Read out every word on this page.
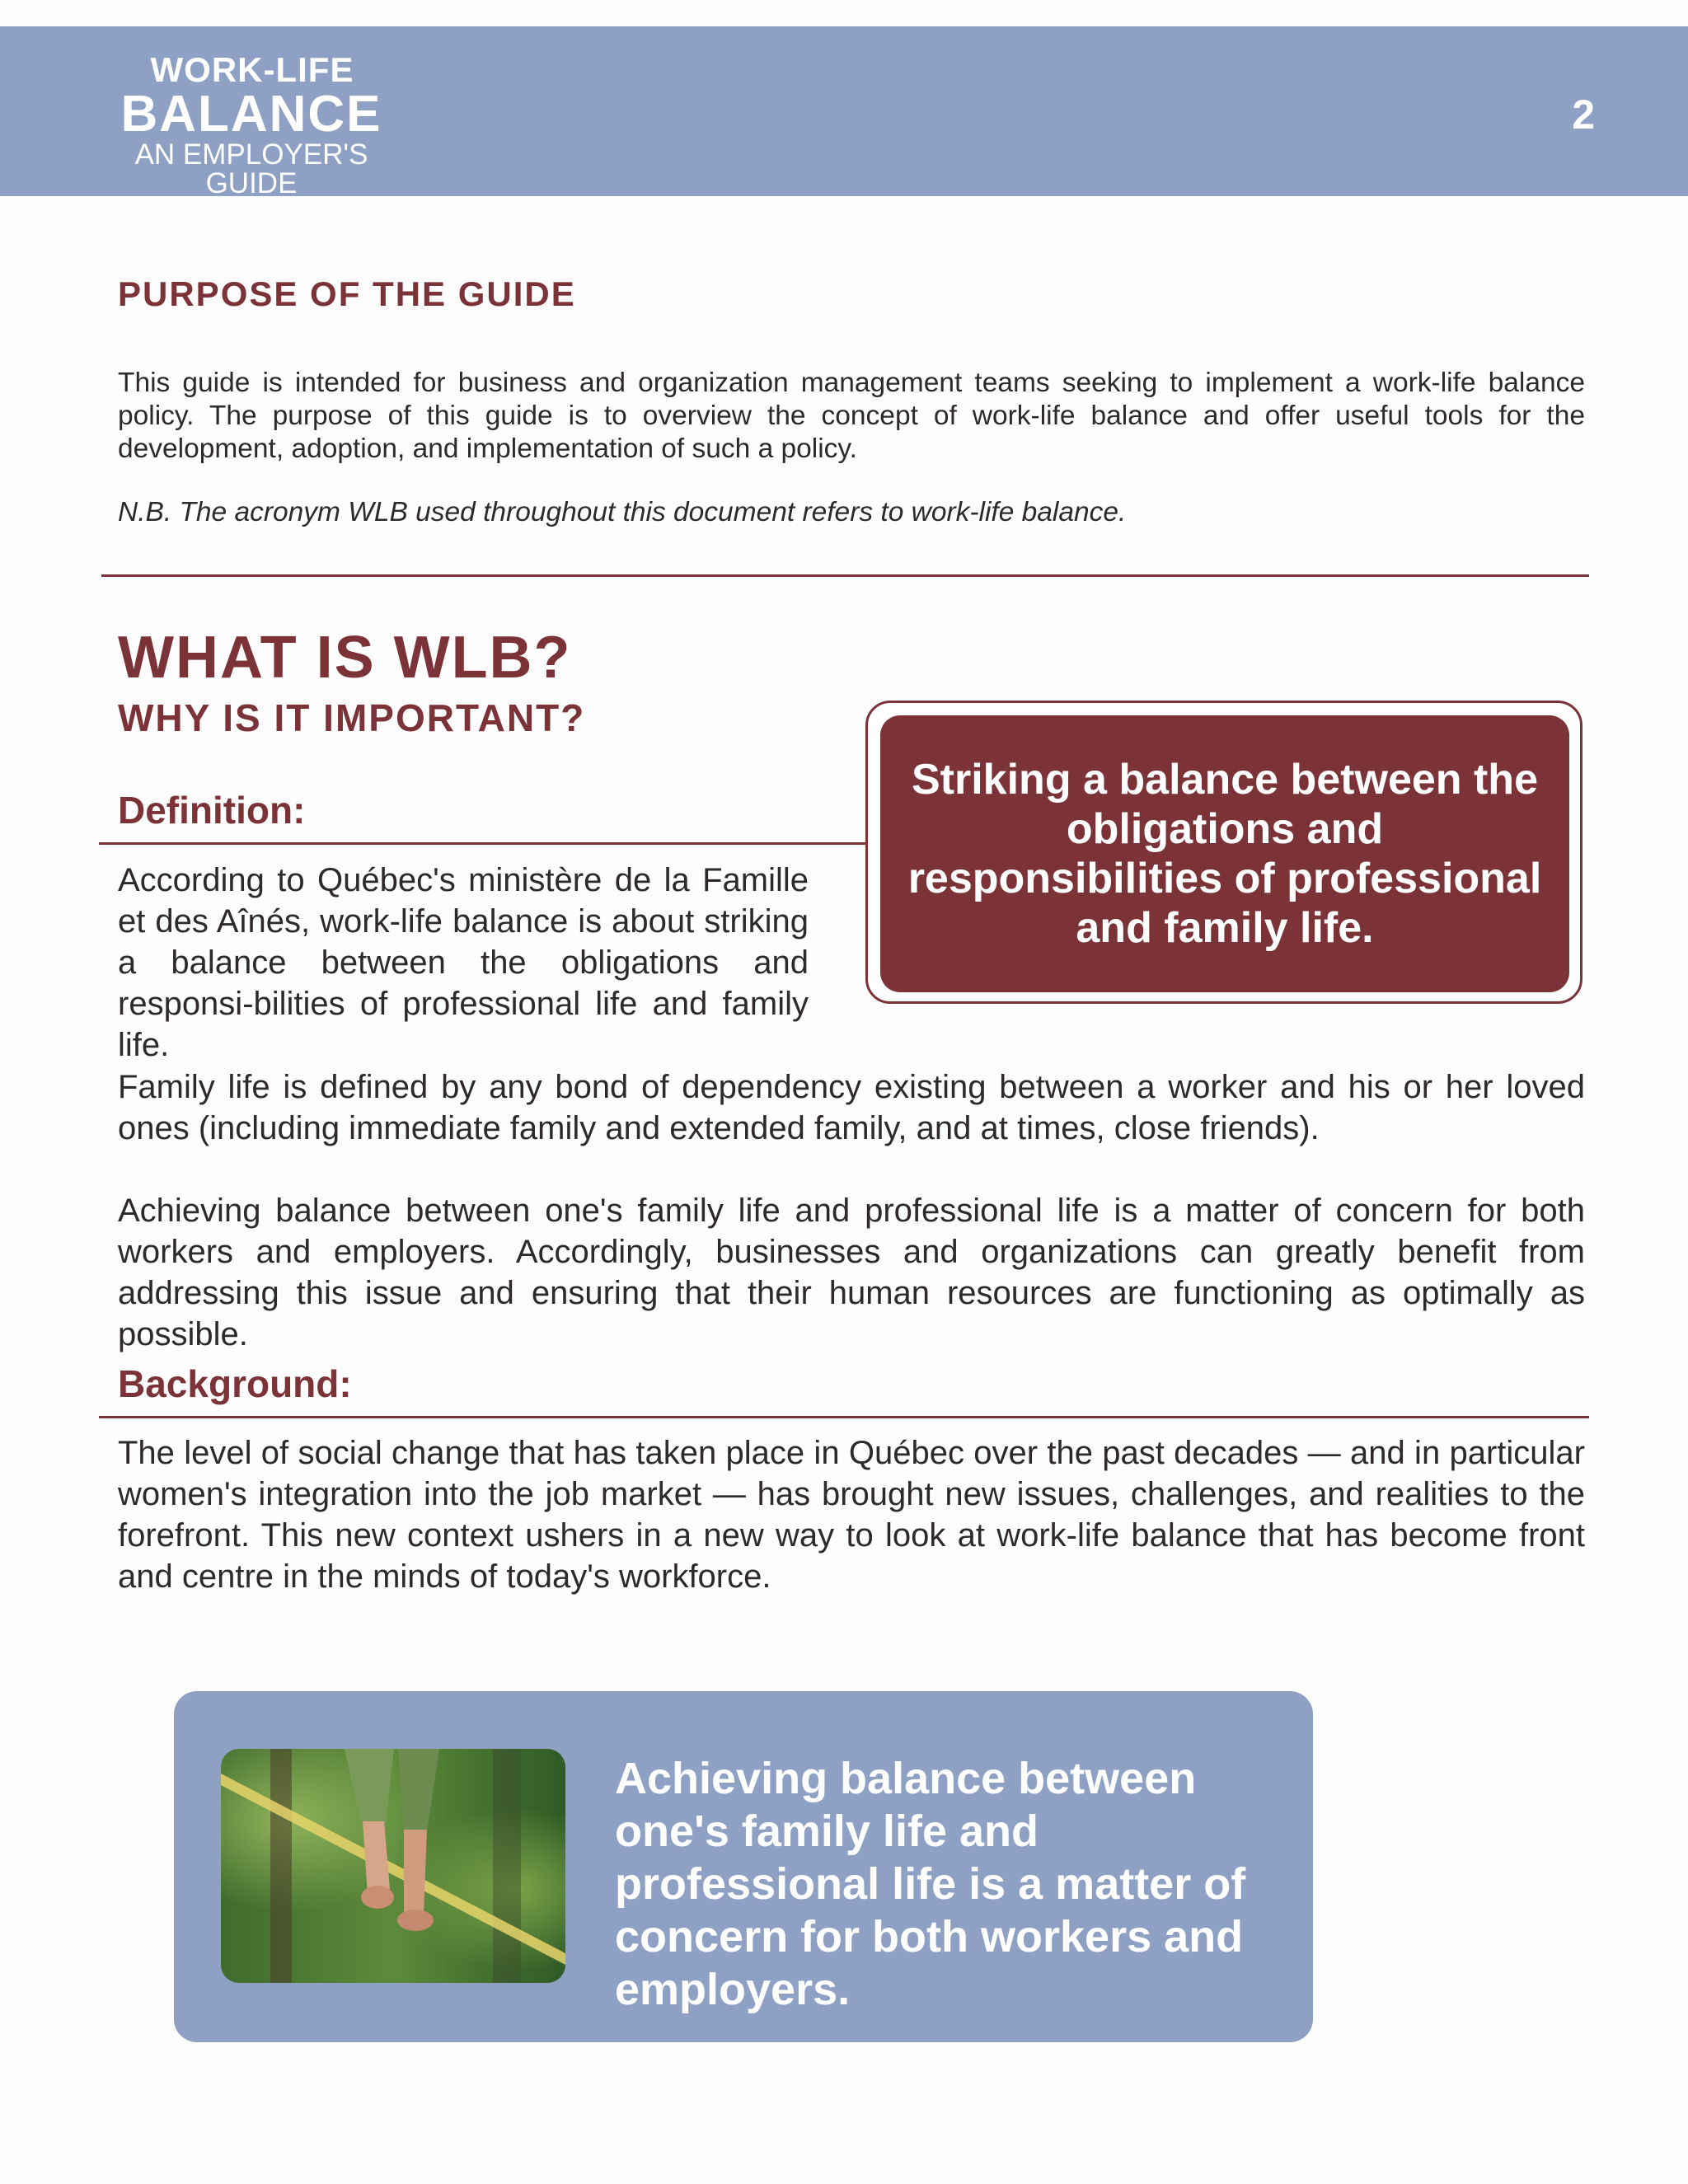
WORK-LIFE
BALANCE
AN EMPLOYER'S GUIDE
2
PURPOSE OF THE GUIDE

This guide is intended for business and organization management teams seeking to implement a work-life balance policy. The purpose of this guide is to overview the concept of work-life balance and offer useful tools for the development, adoption, and implementation of such a policy.

N.B. The acronym WLB used throughout this document refers to work-life balance.

WHAT IS WLB?
WHY IS IT IMPORTANT?
Definition:

According to Québec's ministère de la Famille et des Aînés, work-life balance is about striking a balance between the obligations and responsi-bilities of professional life and family life.

Striking a balance between the obligations and responsibilities of professional and family life.

Family life is defined by any bond of dependency existing between a worker and his or her loved ones (including immediate family and extended family, and at times, close friends).

Achieving balance between one's family life and professional life is a matter of concern for both workers and employers. Accordingly, businesses and organizations can greatly benefit from addressing this issue and ensuring that their human resources are functioning as optimally as possible.

Background:

The level of social change that has taken place in Québec over the past decades — and in particular women's integration into the job market — has brought new issues, challenges, and realities to the forefront. This new context ushers in a new way to look at work-life balance that has become front and centre in the minds of today's workforce.

Achieving balance between one's family life and professional life is a matter of concern for both workers and employers.
